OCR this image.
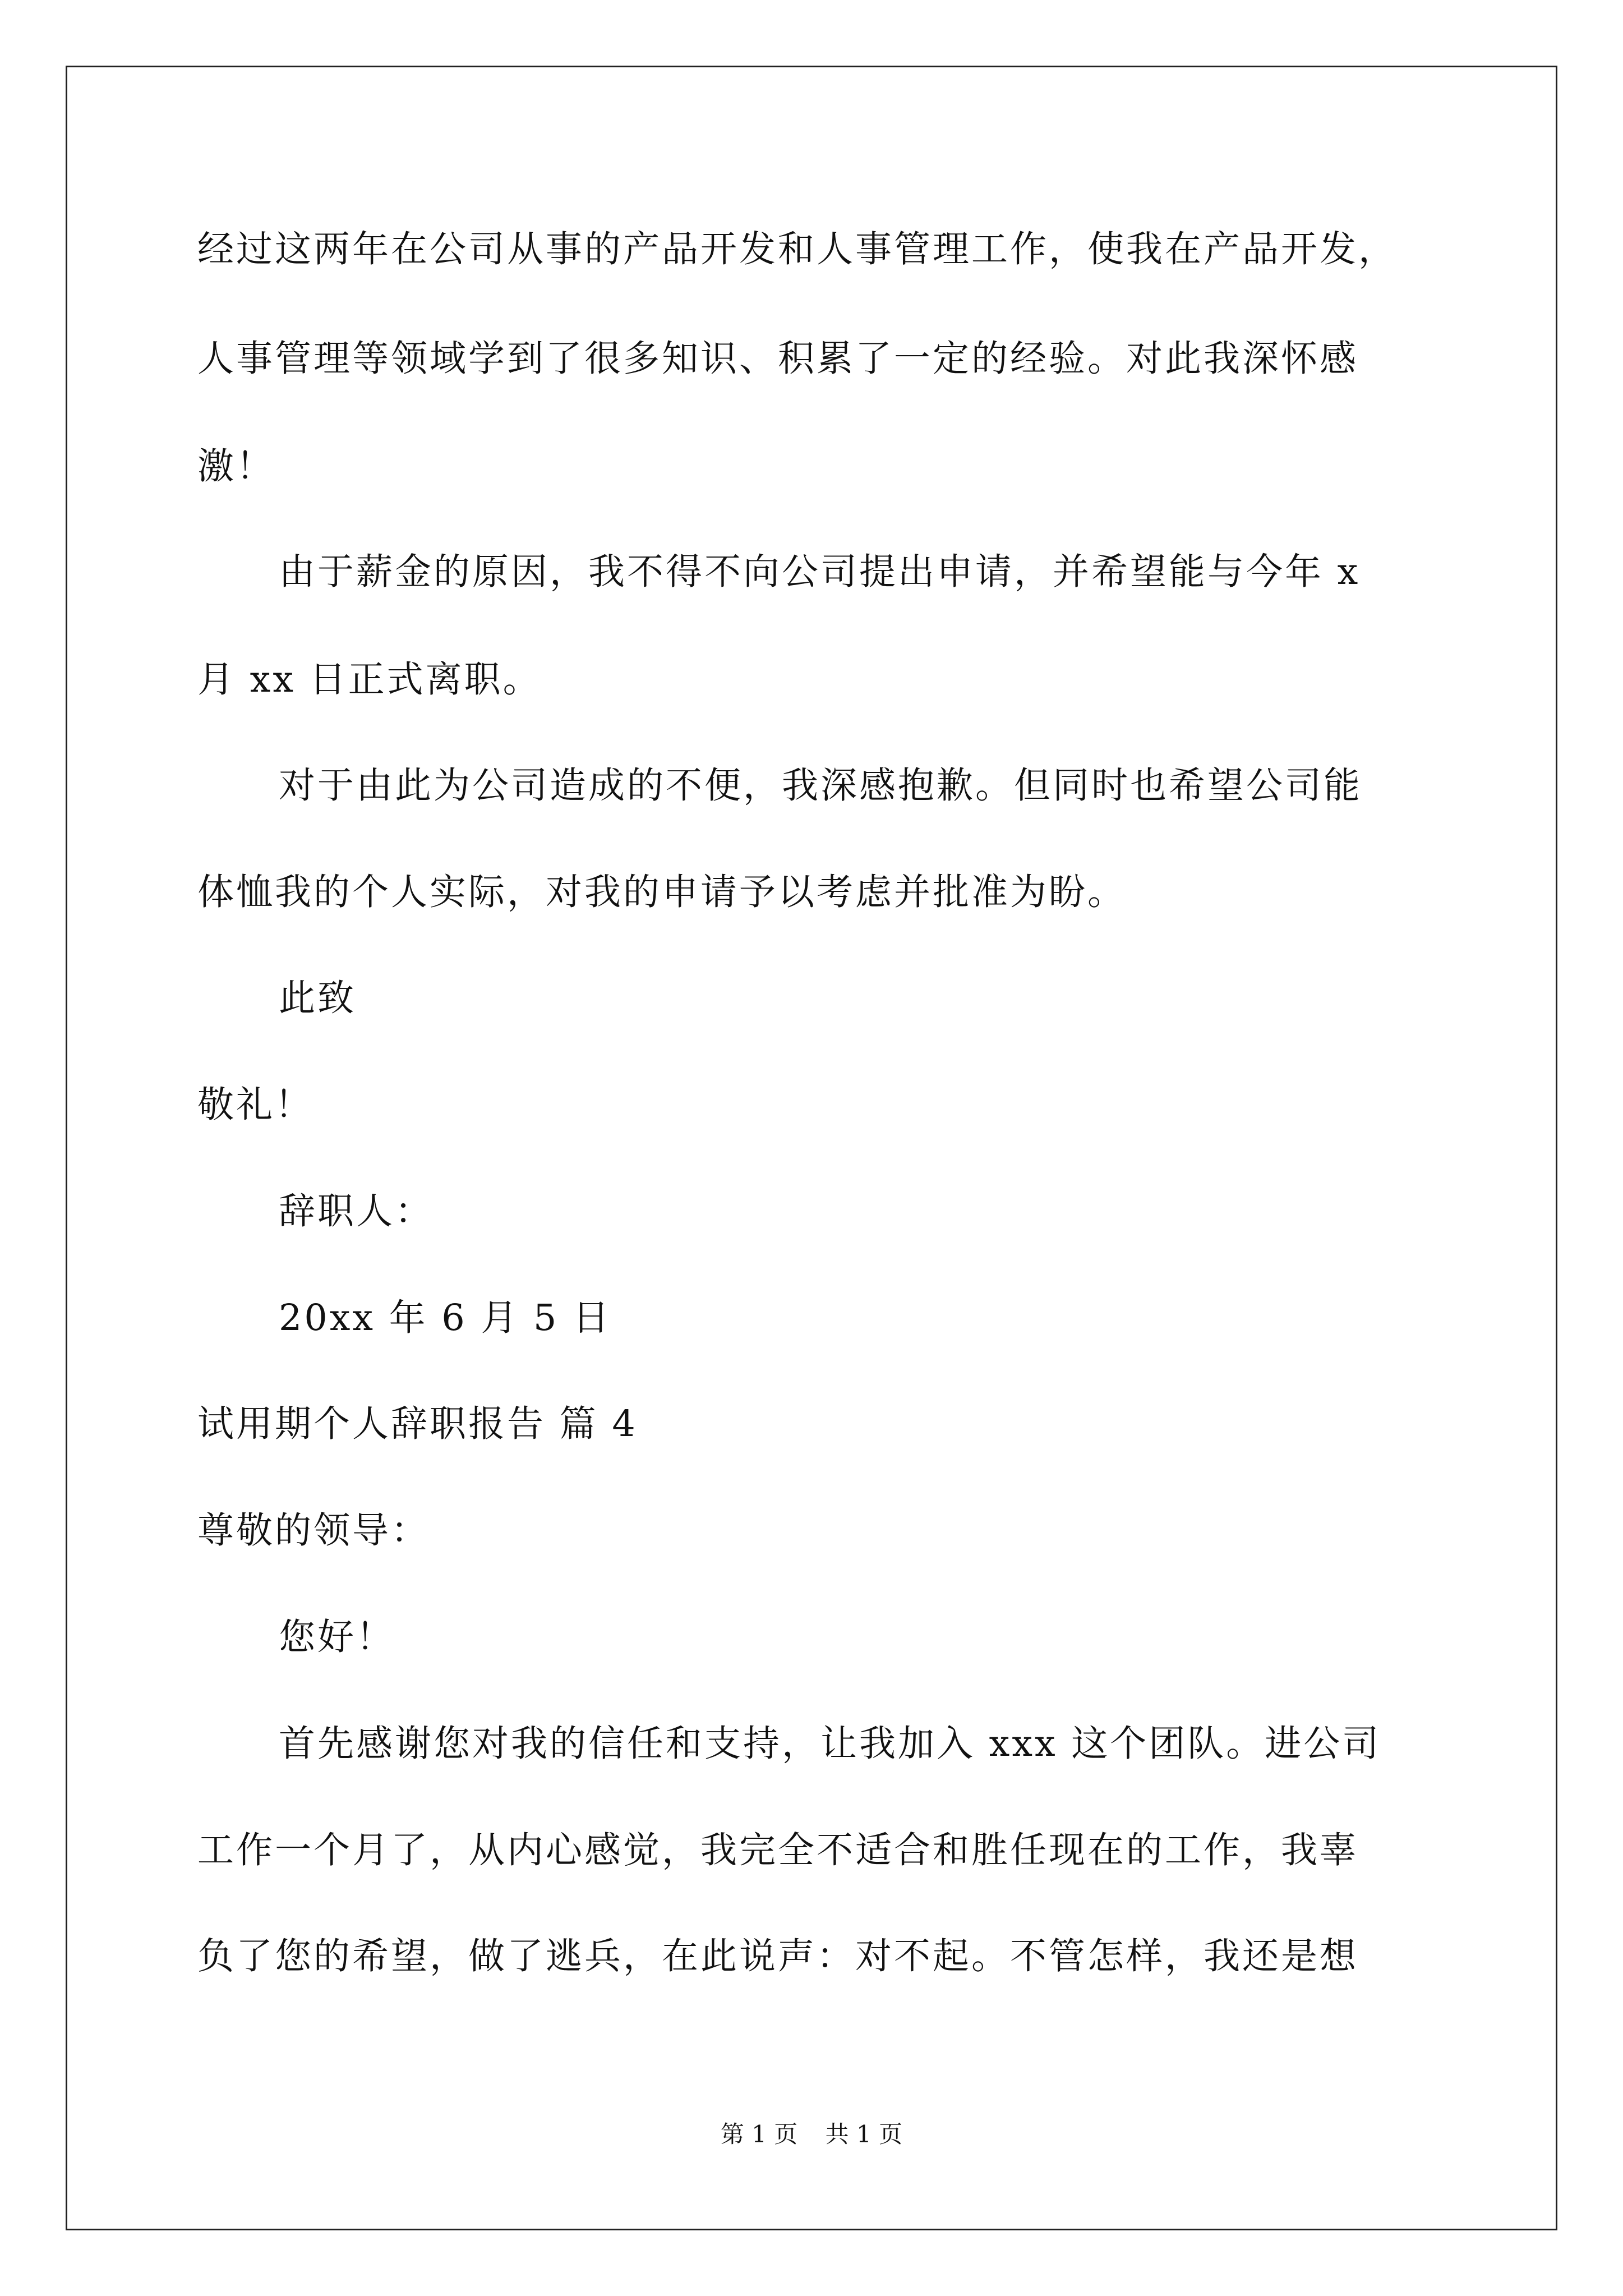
经过这两年在公司从事的产品开发和人事管理工作，使我在产品开发，
人事管理等领域学到了很多知识、积累了一定的经验。对此我深怀感
激！
由于薪金的原因，我不得不向公司提出申请，并希望能与今年 x
月 xx 日正式离职。
对于由此为公司造成的不便，我深感抱歉。但同时也希望公司能
体恤我的个人实际，对我的申请予以考虑并批准为盼。
此致
敬礼！
辞职人：
20xx 年 6 月 5 日
试用期个人辞职报告 篇 4
尊敬的领导：
您好！
首先感谢您对我的信任和支持，让我加入 xxx 这个团队。进公司
工作一个月了，从内心感觉，我完全不适合和胜任现在的工作，我辜
负了您的希望，做了逃兵，在此说声：对不起。不管怎样，我还是想
第 1 页 共 1 页
